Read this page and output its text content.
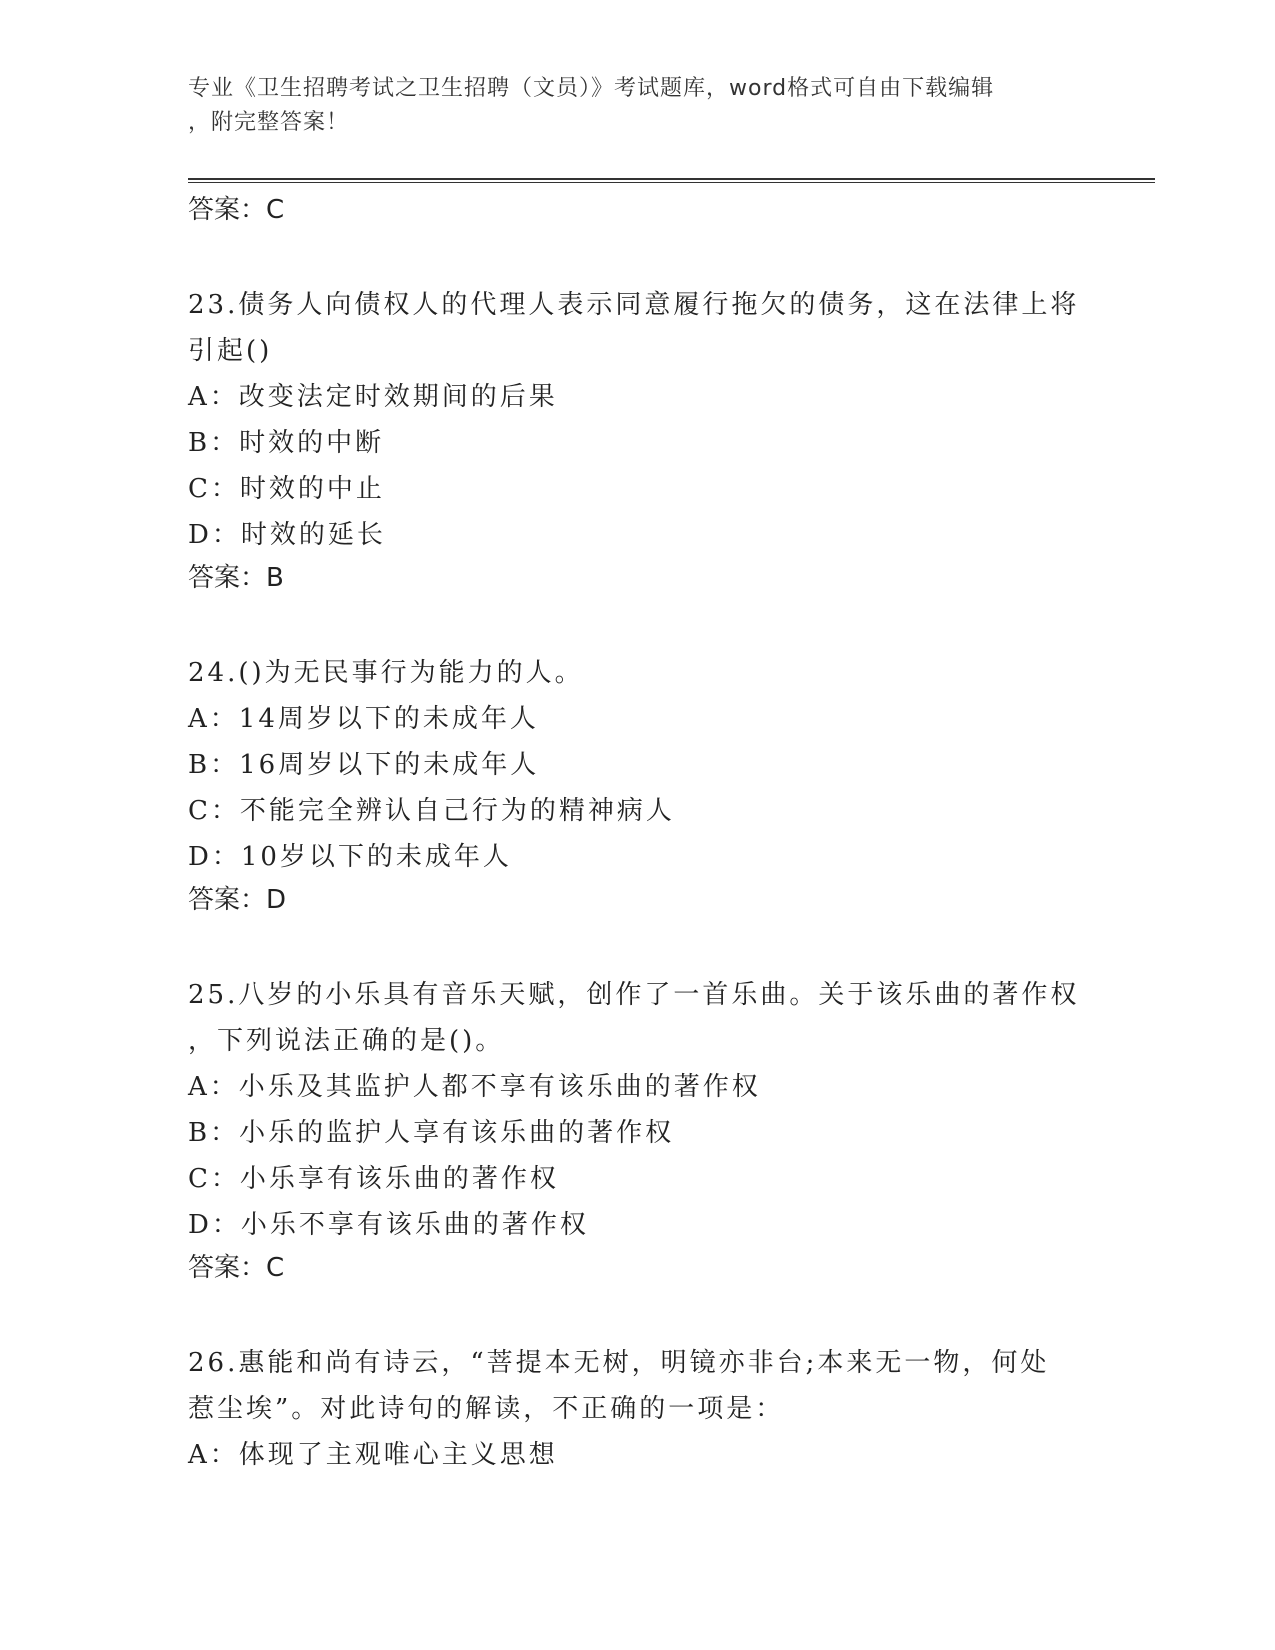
专业《卫生招聘考试之卫生招聘（文员）》考试题库，word格式可自由下载编辑
，附完整答案！
答案：C
23.债务人向债权人的代理人表示同意履行拖欠的债务，这在法律上将
引起()
A：改变法定时效期间的后果
B：时效的中断
C：时效的中止
D：时效的延长
答案：B
24.()为无民事行为能力的人。
A：14周岁以下的未成年人
B：16周岁以下的未成年人
C：不能完全辨认自己行为的精神病人
D：10岁以下的未成年人
答案：D
25.八岁的小乐具有音乐天赋，创作了一首乐曲。关于该乐曲的著作权
，下列说法正确的是()。
A：小乐及其监护人都不享有该乐曲的著作权
B：小乐的监护人享有该乐曲的著作权
C：小乐享有该乐曲的著作权
D：小乐不享有该乐曲的著作权
答案：C
26.惠能和尚有诗云，“菩提本无树，明镜亦非台;本来无一物，何处
惹尘埃”。对此诗句的解读，不正确的一项是：
A：体现了主观唯心主义思想
